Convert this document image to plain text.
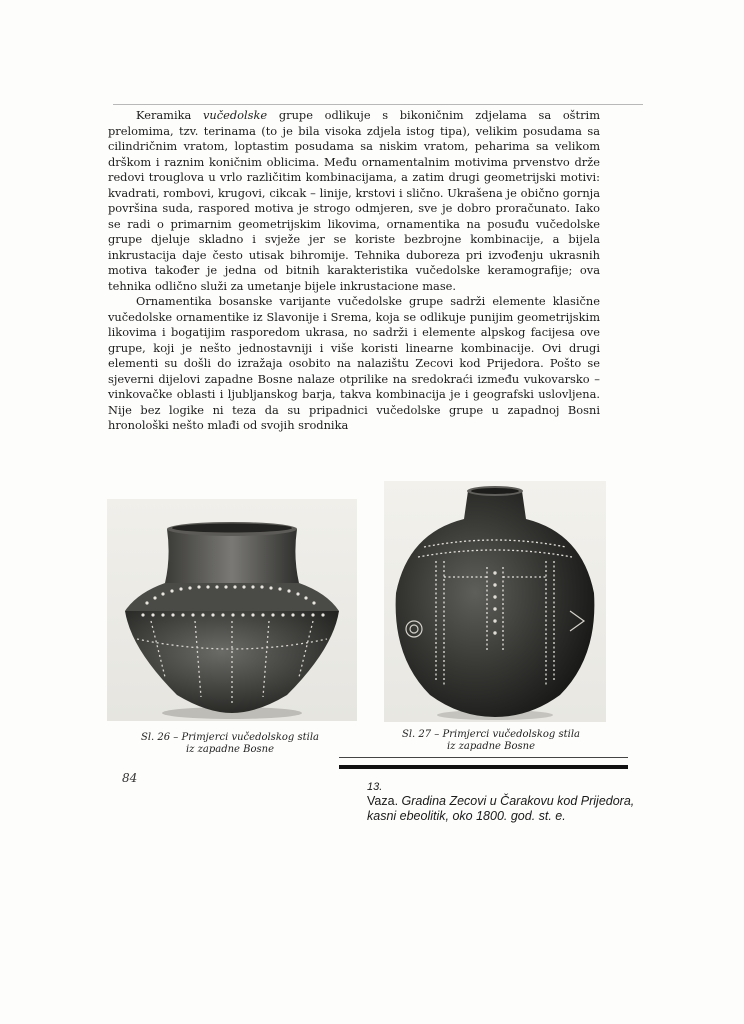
Keramika vučedolske grupe odlikuje s bikoničnim zdjelama sa oštrim prelomima, tzv. terinama (to je bila visoka zdjela istog tipa), velikim posudama sa cilindričnim vratom, loptastim posudama sa niskim vratom, peharima sa velikom drškom i raznim koničnim oblicima. Među ornamentalnim motivima prvenstvo drže redovi trouglova u vrlo različitim kombinacijama, a zatim drugi geometrijski motivi: kvadrati, rombovi, krugovi, cikcak – linije, krstovi i slično. Ukrašena je obično gornja površina suda, raspored motiva je strogo odmjeren, sve je dobro proračunato. Iako se radi o primarnim geometrijskim likovima, ornamentika na posuđu vučedolske grupe djeluje skladno i svježe jer se koriste bezbrojne kombinacije, a bijela inkrustacija daje često utisak bihromije. Tehnika duboreza pri izvođenju ukrasnih motiva također je jedna od bitnih karakteristika vučedolske keramografije; ova tehnika odlično služi za umetanje bijele inkrustacione mase.

Ornamentika bosanske varijante vučedolske grupe sadrži elemente klasične vučedolske ornamentike iz Slavonije i Srema, koja se odlikuje punijim geometrijskim likovima i bogatijim rasporedom ukrasa, no sadrži i elemente alpskog facijesa ove grupe, koji je nešto jednostavniji i više koristi linearne kombinacije. Ovi drugi elementi su došli do izražaja osobito na nalazištu Zecovi kod Prijedora. Pošto se sjeverni dijelovi zapadne Bosne nalaze otprilike na sredokraći između vukovarsko – vinkovačke oblasti i ljubljanskog barja, takva kombinacija je i geografski uslovljena. Nije bez logike ni teza da su pripadnici vučedolske grupe u zapadnoj Bosni hronološki nešto mlađi od svojih srodnika

Sl. 26 – Primjerci vučedolskog stila
iz zapadne Bosne
Sl. 27 – Primjerci vučedolskog stila
iz zapadne Bosne
84
13.
Vaza. Gradina Zecovi u Čarakovu kod Prijedora, kasni ebeolitik, oko 1800. god. st. e.
